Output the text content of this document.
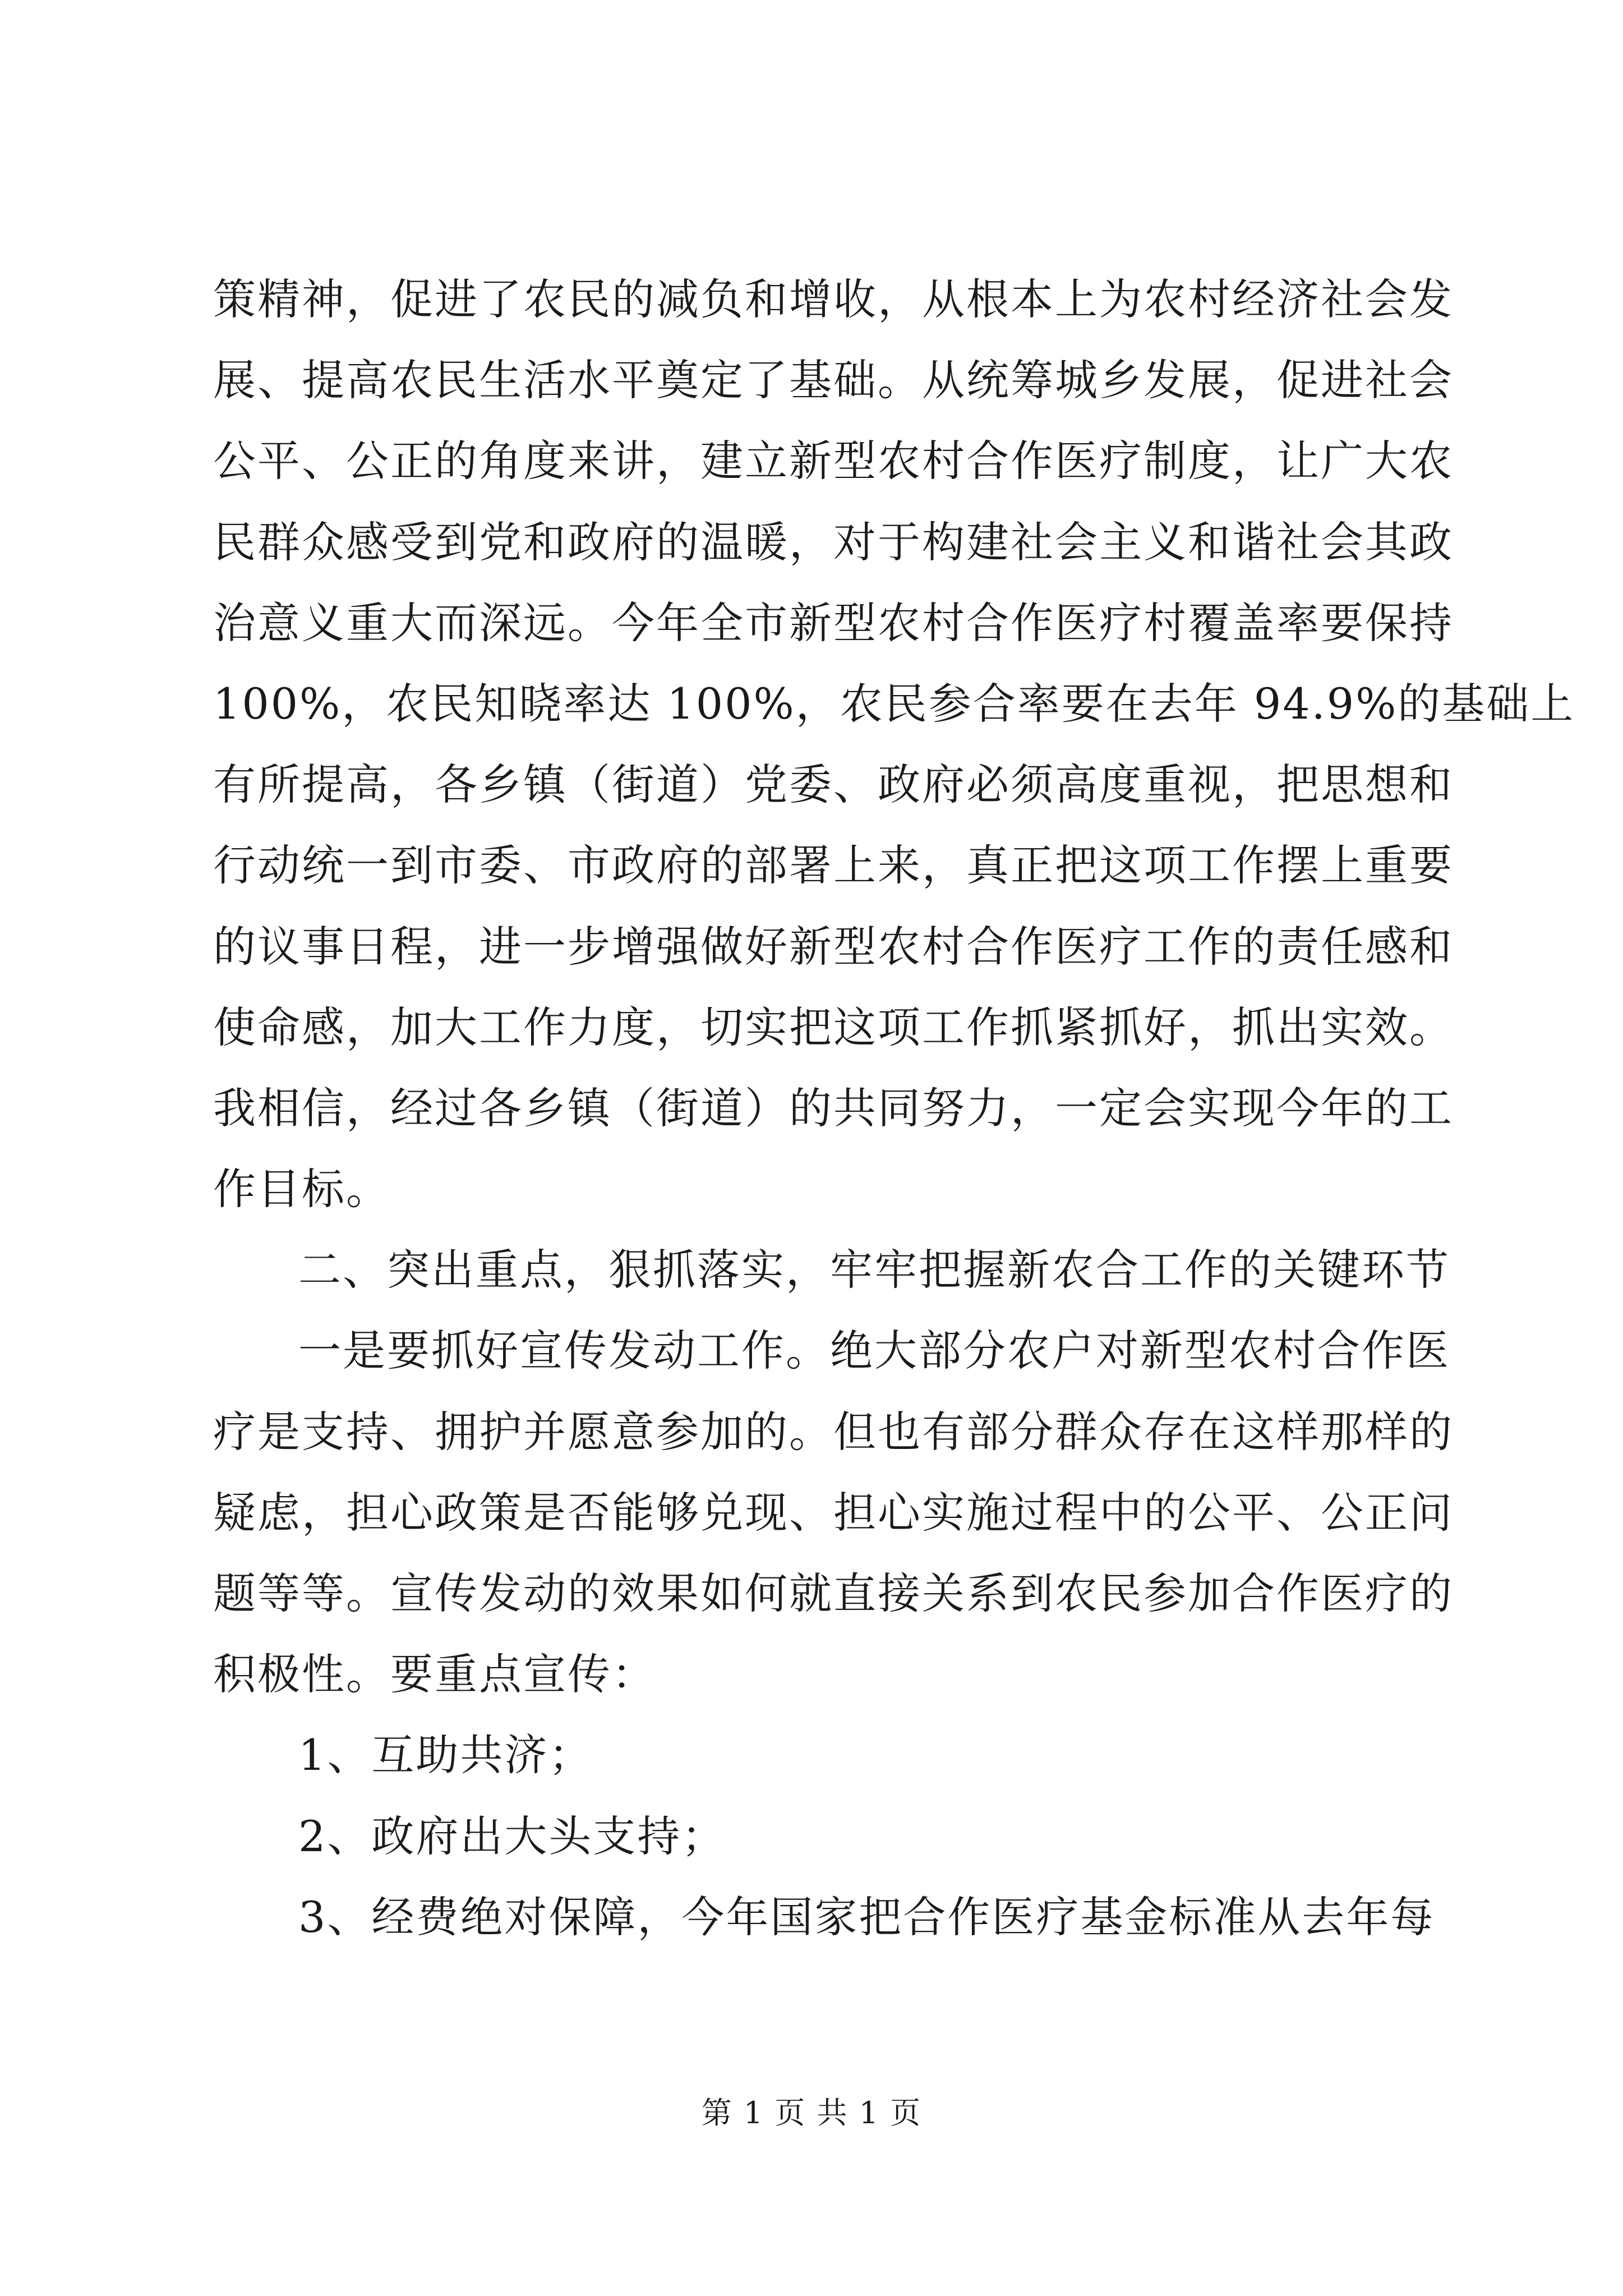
策精神，促进了农民的减负和增收，从根本上为农村经济社会发
展、提高农民生活水平奠定了基础。从统筹城乡发展，促进社会
公平、公正的角度来讲，建立新型农村合作医疗制度，让广大农
民群众感受到党和政府的温暖，对于构建社会主义和谐社会其政
治意义重大而深远。今年全市新型农村合作医疗村覆盖率要保持
100%，农民知晓率达 100%，农民参合率要在去年 94.9%的基础上
有所提高，各乡镇（街道）党委、政府必须高度重视，把思想和
行动统一到市委、市政府的部署上来，真正把这项工作摆上重要
的议事日程，进一步增强做好新型农村合作医疗工作的责任感和
使命感，加大工作力度，切实把这项工作抓紧抓好，抓出实效。
我相信，经过各乡镇（街道）的共同努力，一定会实现今年的工
作目标。
二、突出重点，狠抓落实，牢牢把握新农合工作的关键环节
一是要抓好宣传发动工作。绝大部分农户对新型农村合作医
疗是支持、拥护并愿意参加的。但也有部分群众存在这样那样的
疑虑，担心政策是否能够兑现、担心实施过程中的公平、公正问
题等等。宣传发动的效果如何就直接关系到农民参加合作医疗的
积极性。要重点宣传：
1、互助共济；
2、政府出大头支持；
3、经费绝对保障，今年国家把合作医疗基金标准从去年每
第 1 页 共 1 页
